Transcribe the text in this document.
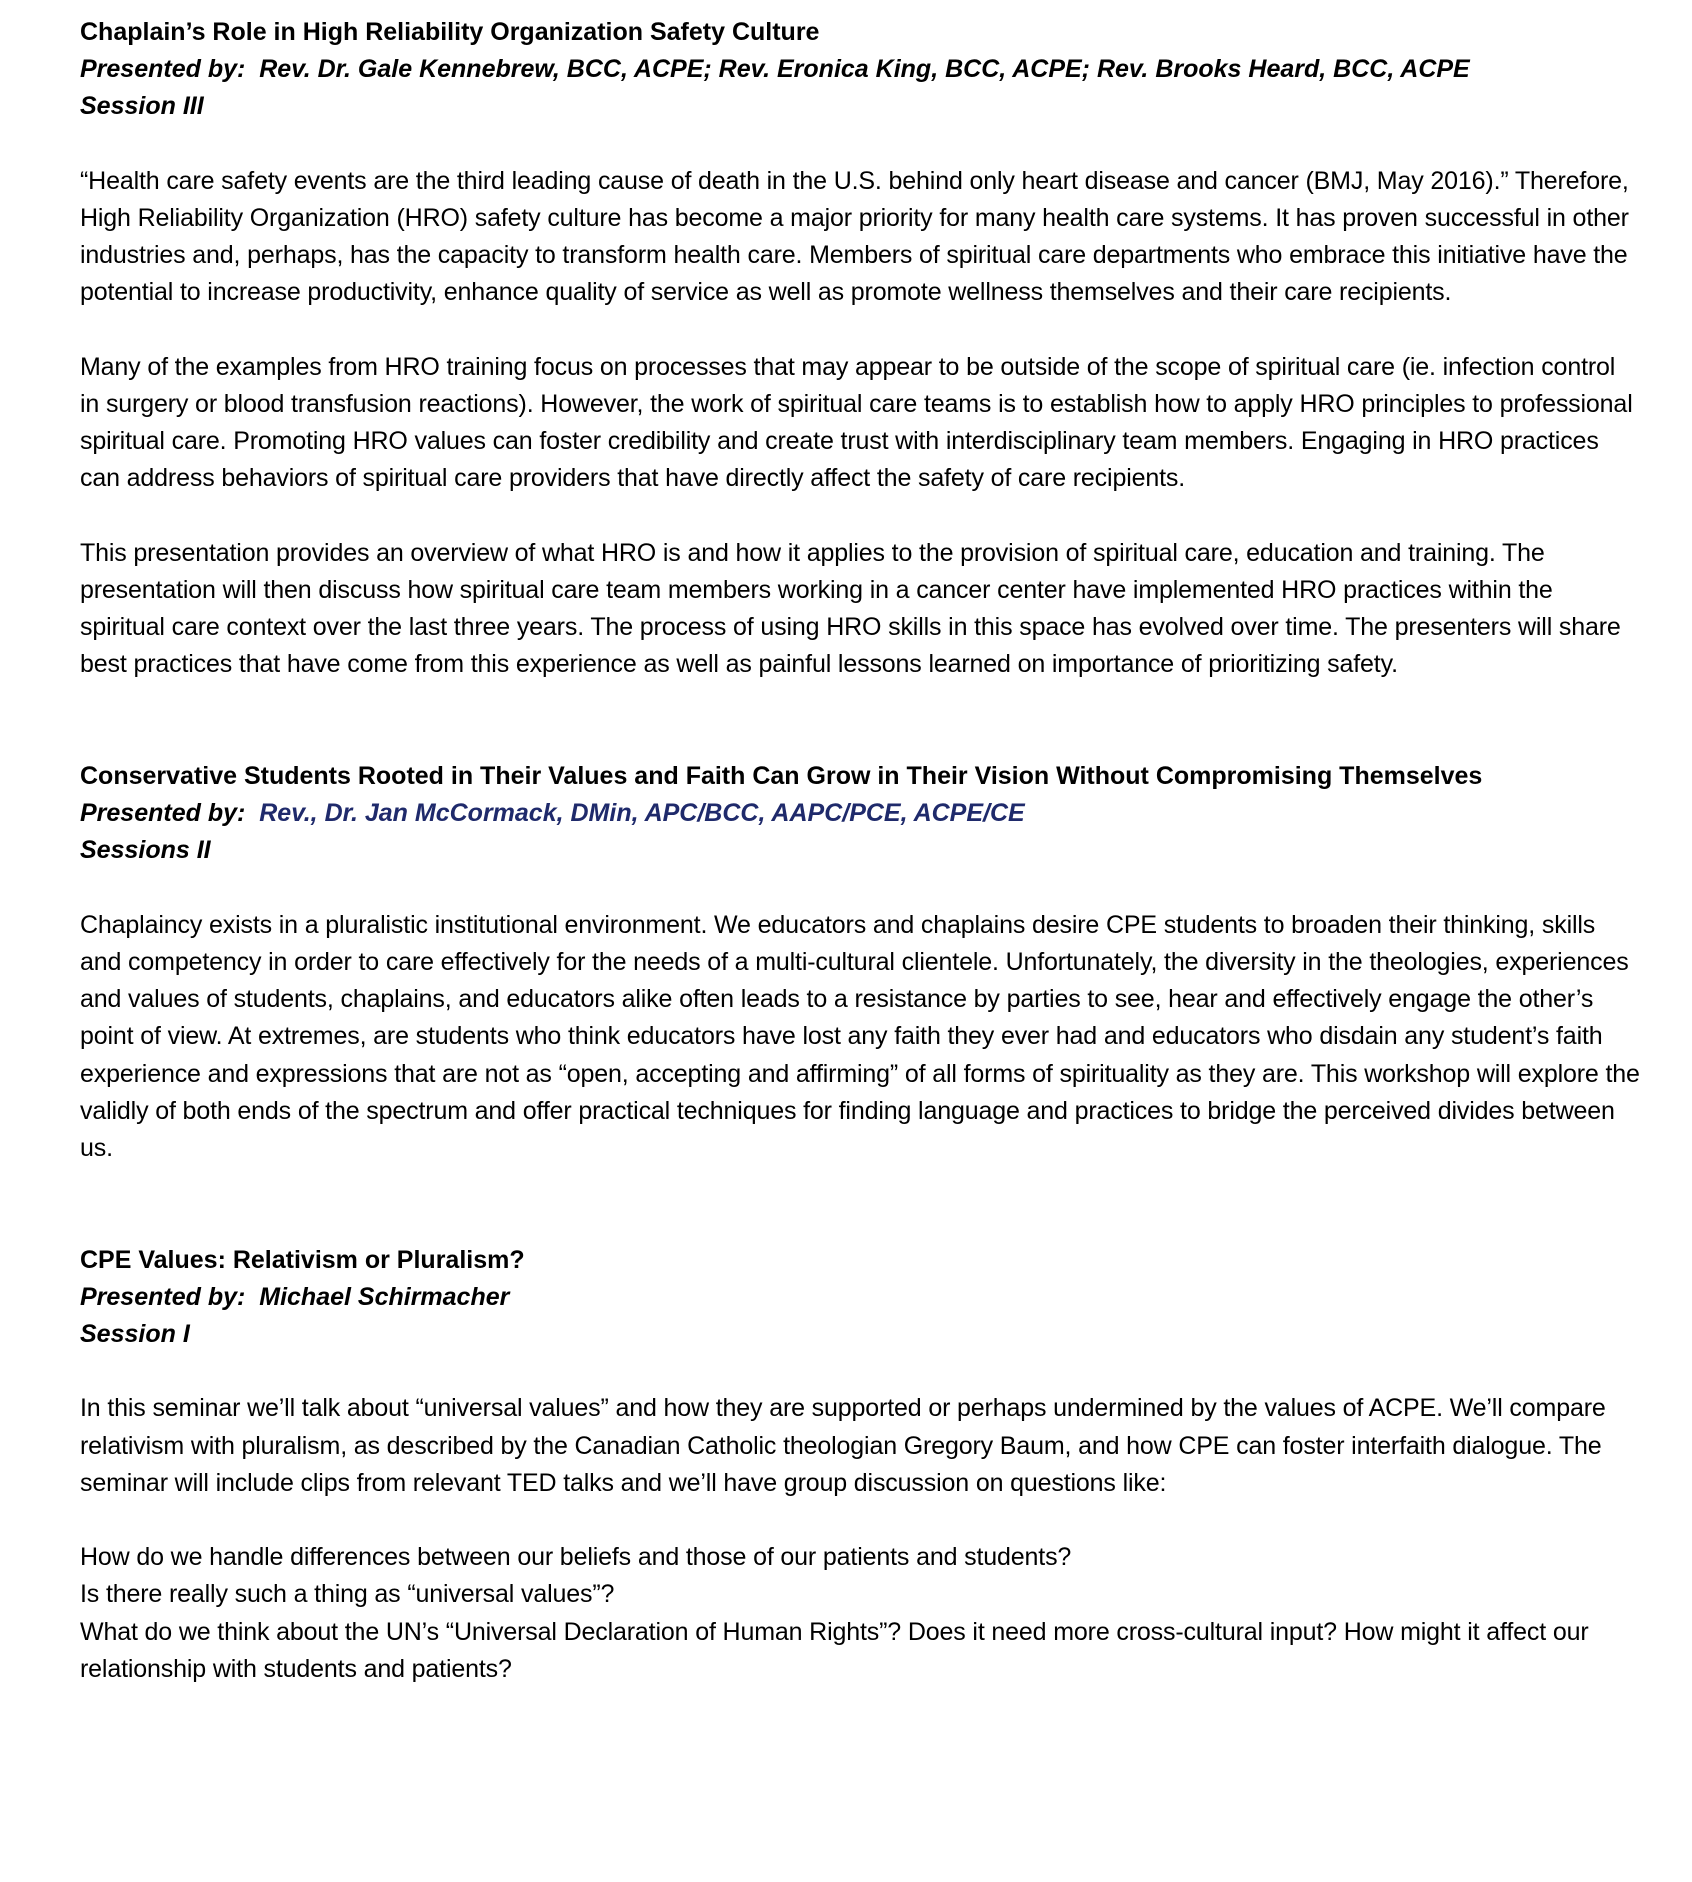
Chaplain’s Role in High Reliability Organization Safety Culture

Presented by: Rev. Dr. Gale Kennebrew, BCC, ACPE; Rev. Eronica King, BCC, ACPE; Rev. Brooks Heard, BCC, ACPE

Session III

“Health care safety events are the third leading cause of death in the U.S. behind only heart disease and cancer (BMJ, May 2016).” Therefore, High Reliability Organization (HRO) safety culture has become a major priority for many health care systems. It has proven successful in other industries and, perhaps, has the capacity to transform health care. Members of spiritual care departments who embrace this initiative have the potential to increase productivity, enhance quality of service as well as promote wellness themselves and their care recipients.

Many of the examples from HRO training focus on processes that may appear to be outside of the scope of spiritual care (ie. infection control in surgery or blood transfusion reactions). However, the work of spiritual care teams is to establish how to apply HRO principles to professional spiritual care. Promoting HRO values can foster credibility and create trust with interdisciplinary team members. Engaging in HRO practices can address behaviors of spiritual care providers that have directly affect the safety of care recipients.

This presentation provides an overview of what HRO is and how it applies to the provision of spiritual care, education and training. The presentation will then discuss how spiritual care team members working in a cancer center have implemented HRO practices within the spiritual care context over the last three years. The process of using HRO skills in this space has evolved over time. The presenters will share best practices that have come from this experience as well as painful lessons learned on importance of prioritizing safety.

Conservative Students Rooted in Their Values and Faith Can Grow in Their Vision Without Compromising Themselves

Presented by: Rev., Dr. Jan McCormack, DMin, APC/BCC, AAPC/PCE, ACPE/CE

Sessions II

Chaplaincy exists in a pluralistic institutional environment. We educators and chaplains desire CPE students to broaden their thinking, skills and competency in order to care effectively for the needs of a multi-cultural clientele. Unfortunately, the diversity in the theologies, experiences and values of students, chaplains, and educators alike often leads to a resistance by parties to see, hear and effectively engage the other’s point of view. At extremes, are students who think educators have lost any faith they ever had and educators who disdain any student’s faith experience and expressions that are not as “open, accepting and affirming” of all forms of spirituality as they are. This workshop will explore the validly of both ends of the spectrum and offer practical techniques for finding language and practices to bridge the perceived divides between us.

CPE Values: Relativism or Pluralism?

Presented by: Michael Schirmacher

Session I

In this seminar we’ll talk about “universal values” and how they are supported or perhaps undermined by the values of ACPE. We’ll compare relativism with pluralism, as described by the Canadian Catholic theologian Gregory Baum, and how CPE can foster interfaith dialogue. The seminar will include clips from relevant TED talks and we’ll have group discussion on questions like:

How do we handle differences between our beliefs and those of our patients and students?

Is there really such a thing as “universal values”?

What do we think about the UN’s “Universal Declaration of Human Rights”? Does it need more cross-cultural input? How might it affect our relationship with students and patients?
